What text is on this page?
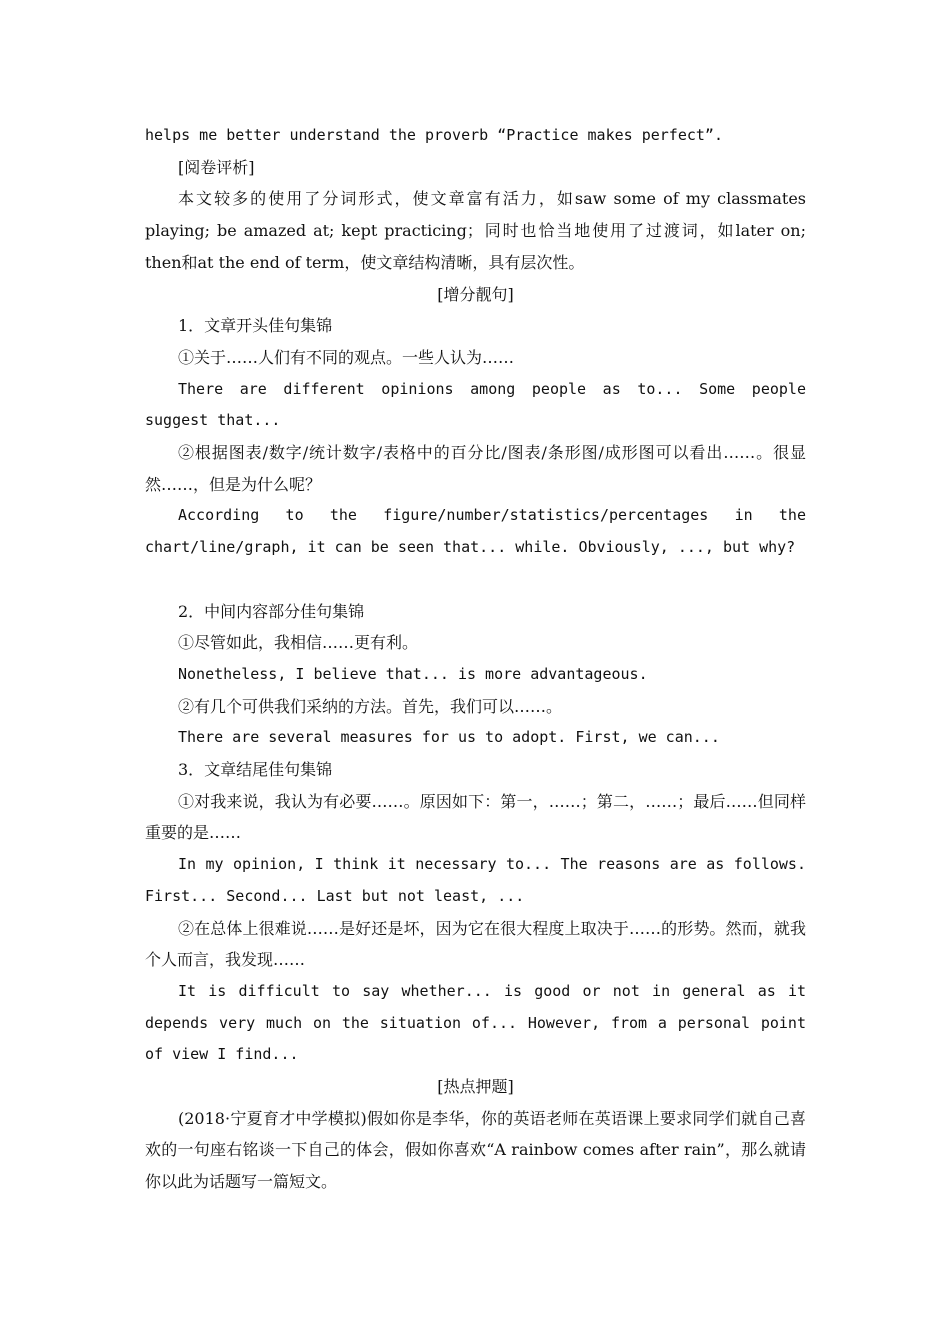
helps me better understand the proverb “Practice makes perfect”.

[阅卷评析]

本文较多的使用了分词形式，使文章富有活力，如saw some of my classmates playing; be amazed at; kept practicing；同时也恰当地使用了过渡词，如later on; then和at the end of term，使文章结构清晰，具有层次性。

[增分靓句]

1．文章开头佳句集锦

①关于……人们有不同的观点。一些人认为……

There are different opinions among people as to... Some people suggest that...

②根据图表/数字/统计数字/表格中的百分比/图表/条形图/成形图可以看出……。很显然……，但是为什么呢？

According to the figure/number/statistics/percentages in the

chart/line/graph, it can be seen that... while. Obviously, ..., but why?

2．中间内容部分佳句集锦

①尽管如此，我相信……更有利。

Nonetheless, I believe that... is more advantageous.

②有几个可供我们采纳的方法。首先，我们可以……。

There are several measures for us to adopt. First, we can...

3．文章结尾佳句集锦

①对我来说，我认为有必要……。原因如下：第一，……；第二，……；最后……但同样重要的是……

In my opinion, I think it necessary to... The reasons are as follows. First... Second... Last but not least, ...

②在总体上很难说……是好还是坏，因为它在很大程度上取决于……的形势。然而，就我个人而言，我发现……

It is difficult to say whether... is good or not in general as it depends very much on the situation of... However, from a personal point of view I find...

[热点押题]

(2018·宁夏育才中学模拟)假如你是李华，你的英语老师在英语课上要求同学们就自己喜欢的一句座右铭谈一下自己的体会，假如你喜欢“A rainbow comes after rain”，那么就请你以此为话题写一篇短文。
